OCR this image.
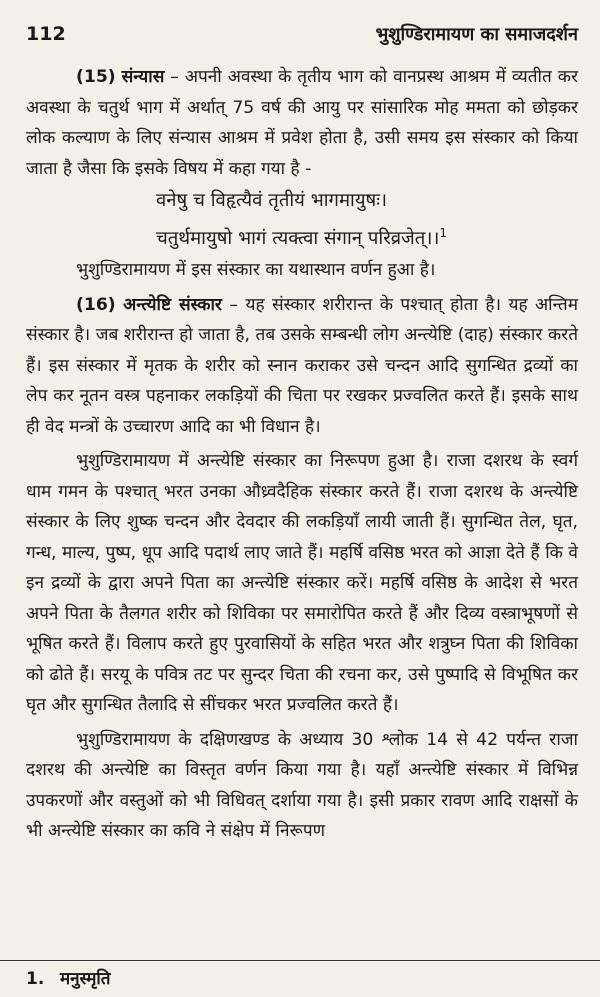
112	भुशुण्डिरामायण का समाजदर्शन

(15) संन्यास – अपनी अवस्था के तृतीय भाग को वानप्रस्थ आश्रम में व्यतीत कर अवस्था के चतुर्थ भाग में अर्थात् 75 वर्ष की आयु पर सांसारिक मोह ममता को छोड़कर लोक कल्याण के लिए संन्यास आश्रम में प्रवेश होता है, उसी समय इस संस्कार को किया जाता है जैसा कि इसके विषय में कहा गया है -

वनेषु च विहृत्यैवं तृतीयं भागमायुषः।
चतुर्थमायुषो भागं त्यक्त्वा संगान् परिव्रजेत्।।$^1$

भुशुण्डिरामायण में इस संस्कार का यथास्थान वर्णन हुआ है।

(16) अन्त्येष्टि संस्कार – यह संस्कार शरीरान्त के पश्चात् होता है। यह अन्तिम संस्कार है। जब शरीरान्त हो जाता है, तब उसके सम्बन्धी लोग अन्त्येष्टि (दाह) संस्कार करते हैं। इस संस्कार में मृतक के शरीर को स्नान कराकर उसे चन्दन आदि सुगन्धित द्रव्यों का लेप कर नूतन वस्त्र पहनाकर लकड़ियों की चिता पर रखकर प्रज्वलित करते हैं। इसके साथ ही वेद मन्त्रों के उच्चारण आदि का भी विधान है।

भुशुण्डिरामायण में अन्त्येष्टि संस्कार का निरूपण हुआ है। राजा दशरथ के स्वर्ग धाम गमन के पश्चात् भरत उनका औध्र्वदैहिक संस्कार करते हैं। राजा दशरथ के अन्त्येष्टि संस्कार के लिए शुष्क चन्दन और देवदार की लकड़ियाँ लायी जाती हैं। सुगन्धित तेल, घृत, गन्ध, माल्य, पुष्प, धूप आदि पदार्थ लाए जाते हैं। महर्षि वसिष्ठ भरत को आज्ञा देते हैं कि वे इन द्रव्यों के द्वारा अपने पिता का अन्त्येष्टि संस्कार करें। महर्षि वसिष्ठ के आदेश से भरत अपने पिता के तैलगत शरीर को शिविका पर समारोपित करते हैं और दिव्य वस्त्राभूषणों से भूषित करते हैं। विलाप करते हुए पुरवासियों के सहित भरत और शत्रुघ्न पिता की शिविका को ढोते हैं। सरयू के पवित्र तट पर सुन्दर चिता की रचना कर, उसे पुष्पादि से विभूषित कर घृत और सुगन्धित तैलादि से सींचकर भरत प्रज्वलित करते हैं।

भुशुण्डिरामायण के दक्षिणखण्ड के अध्याय 30 श्लोक 14 से 42 पर्यन्त राजा दशरथ की अन्त्येष्टि का विस्तृत वर्णन किया गया है। यहाँ अन्त्येष्टि संस्कार में विभिन्न उपकरणों और वस्तुओं को भी विधिवत् दर्शाया गया है। इसी प्रकार रावण आदि राक्षसों के भी अन्त्येष्टि संस्कार का कवि ने संक्षेप में निरूपण

1. मनुस्मृति
